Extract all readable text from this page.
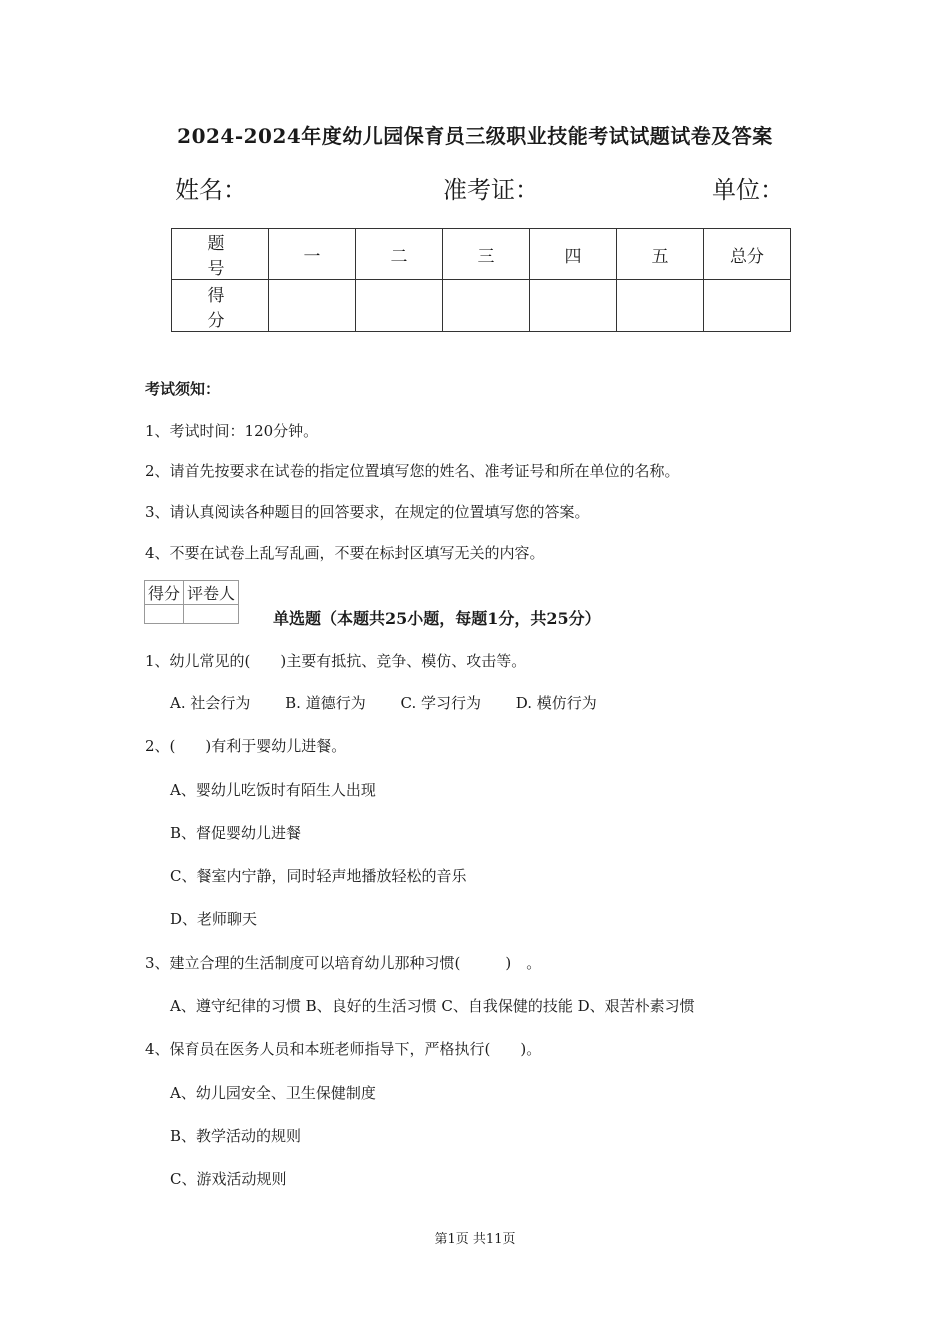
2024-2024年度幼儿园保育员三级职业技能考试试题试卷及答案
姓名：	准考证：	单位：
题　号	一	二	三	四	五	总分
得　分						
考试须知：
1、考试时间：120分钟。
2、请首先按要求在试卷的指定位置填写您的姓名、准考证号和所在单位的名称。
3、请认真阅读各种题目的回答要求，在规定的位置填写您的答案。
4、不要在试卷上乱写乱画，不要在标封区填写无关的内容。
得分	评卷人

单选题（本题共25小题，每题1分，共25分）
1、幼儿常见的(　　)主要有抵抗、竞争、模仿、攻击等。
A. 社会行为 B. 道德行为 C. 学习行为 D. 模仿行为
2、(　　)有利于婴幼儿进餐。
A、婴幼儿吃饭时有陌生人出现
B、督促婴幼儿进餐
C、餐室内宁静，同时轻声地播放轻松的音乐
D、老师聊天
3、建立合理的生活制度可以培育幼儿那种习惯(　　　)　。
A、遵守纪律的习惯 B、良好的生活习惯 C、自我保健的技能 D、艰苦朴素习惯
4、保育员在医务人员和本班老师指导下，严格执行(　　)。
A、幼儿园安全、卫生保健制度
B、教学活动的规则
C、游戏活动规则
第1页 共11页
